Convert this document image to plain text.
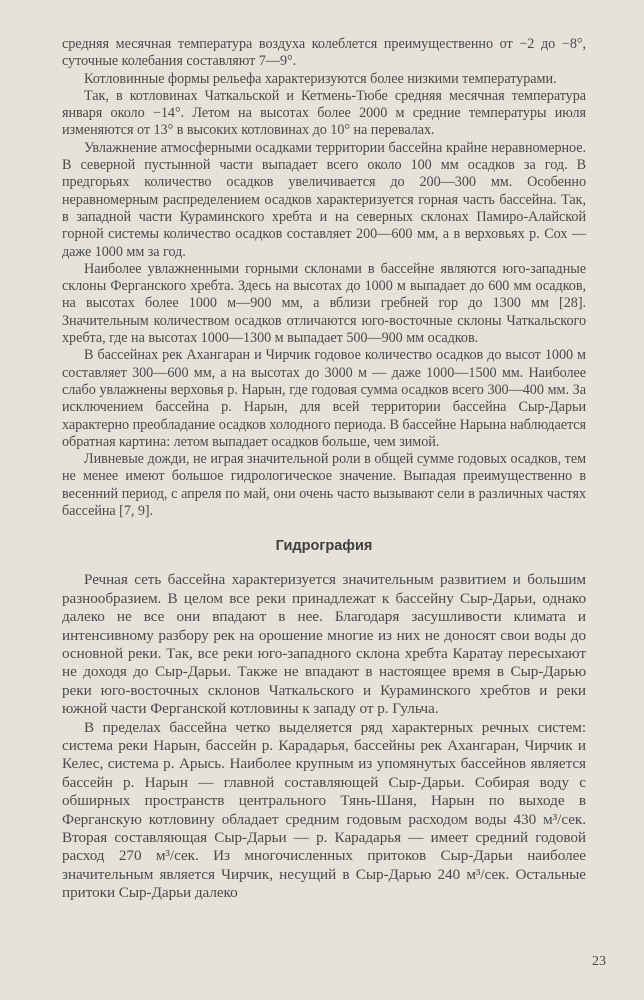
средняя месячная температура воздуха колеблется преимущественно от −2 до −8°, суточные колебания составляют 7—9°.

Котловинные формы рельефа характеризуются более низкими температурами.

Так, в котловинах Чаткальской и Кетмень-Тюбе средняя месячная температура января около −14°. Летом на высотах более 2000 м средние температуры июля изменяются от 13° в высоких котловинах до 10° на перевалах.

Увлажнение атмосферными осадками территории бассейна крайне неравномерное. В северной пустынной части выпадает всего около 100 мм осадков за год. В предгорьях количество осадков увеличивается до 200—300 мм. Особенно неравномерным распределением осадков характеризуется горная часть бассейна. Так, в западной части Кураминского хребта и на северных склонах Памиро-Алайской горной системы количество осадков составляет 200—600 мм, а в верховьях р. Сох — даже 1000 мм за год.

Наиболее увлажненными горными склонами в бассейне являются юго-западные склоны Ферганского хребта. Здесь на высотах до 1000 м выпадает до 600 мм осадков, на высотах более 1000 м—900 мм, а вблизи гребней гор до 1300 мм [28]. Значительным количеством осадков отличаются юго-восточные склоны Чаткальского хребта, где на высотах 1000—1300 м выпадает 500—900 мм осадков.

В бассейнах рек Ахангаран и Чирчик годовое количество осадков до высот 1000 м составляет 300—600 мм, а на высотах до 3000 м — даже 1000—1500 мм. Наиболее слабо увлажнены верховья р. Нарын, где годовая сумма осадков всего 300—400 мм. За исключением бассейна р. Нарын, для всей территории бассейна Сыр-Дарьи характерно преобладание осадков холодного периода. В бассейне Нарына наблюдается обратная картина: летом выпадает осадков больше, чем зимой.

Ливневые дожди, не играя значительной роли в общей сумме годовых осадков, тем не менее имеют большое гидрологическое значение. Выпадая преимущественно в весенний период, с апреля по май, они очень часто вызывают сели в различных частях бассейна [7, 9].

Гидрография

Речная сеть бассейна характеризуется значительным развитием и большим разнообразием. В целом все реки принадлежат к бассейну Сыр-Дарьи, однако далеко не все они впадают в нее. Благодаря засушливости климата и интенсивному разбору рек на орошение многие из них не доносят свои воды до основной реки. Так, все реки юго-западного склона хребта Каратау пересыхают не доходя до Сыр-Дарьи. Также не впадают в настоящее время в Сыр-Дарью реки юго-восточных склонов Чаткальского и Кураминского хребтов и реки южной части Ферганской котловины к западу от р. Гульча.

В пределах бассейна четко выделяется ряд характерных речных систем: система реки Нарын, бассейн р. Карадарья, бассейны рек Ахангаран, Чирчик и Келес, система р. Арысь. Наиболее крупным из упомянутых бассейнов является бассейн р. Нарын — главной составляющей Сыр-Дарьи. Собирая воду с обширных пространств центрального Тянь-Шаня, Нарын по выходе в Ферганскую котловину обладает средним годовым расходом воды 430 м³/сек. Вторая составляющая Сыр-Дарьи — р. Карадарья — имеет средний годовой расход 270 м³/сек. Из многочисленных притоков Сыр-Дарьи наиболее значительным является Чирчик, несущий в Сыр-Дарью 240 м³/сек. Остальные притоки Сыр-Дарьи далеко

23
